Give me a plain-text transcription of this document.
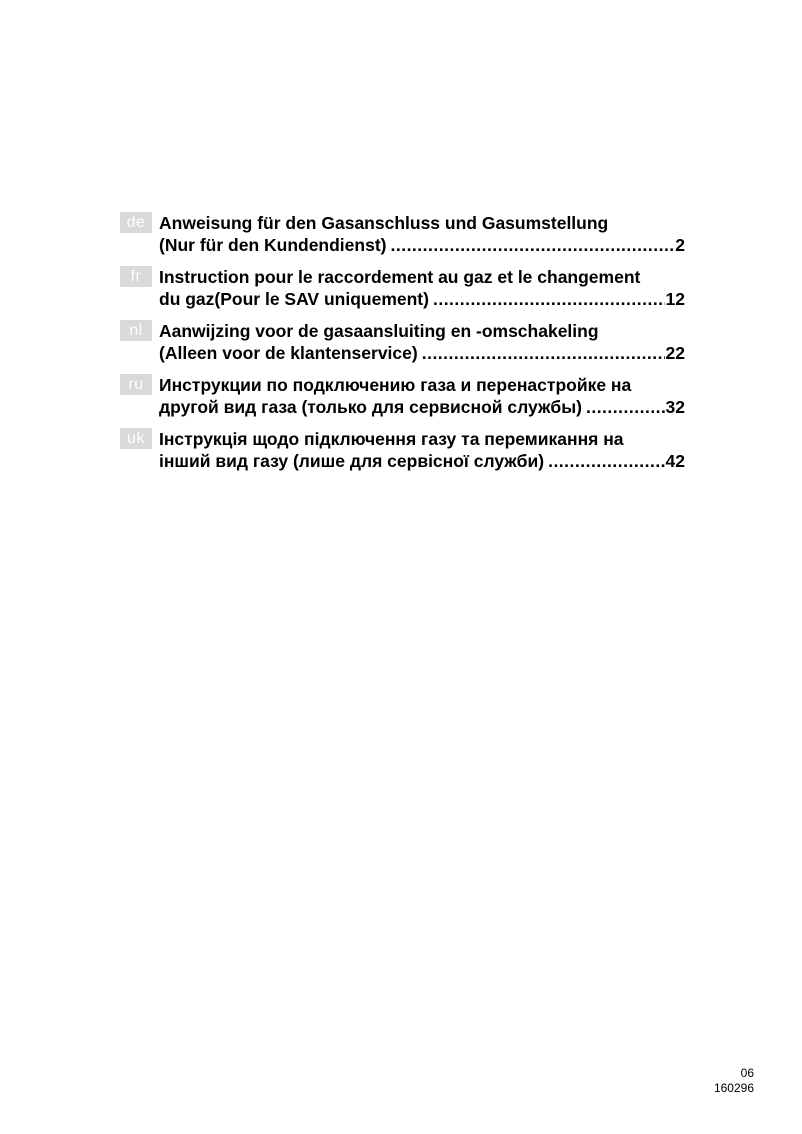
de Anweisung für den Gasanschluss und Gasumstellung
(Nur für den Kundendienst) .....	2
fr	Instruction pour le raccordement au gaz et le changement
du gaz(Pour le SAV uniquement) .....	12
nl Aanwijzing voor de gasaansluiting en -omschakeling
(Alleen voor de klantenservice) .....	22
ru Инструкции по подключению газа и перенастройке на
другой вид газа (только для сервисной службы) .....	32
uk Інструкція щодо підключення газу та перемикання на
інший вид газу (лише для сервісної служби) .....	42
06
160296
